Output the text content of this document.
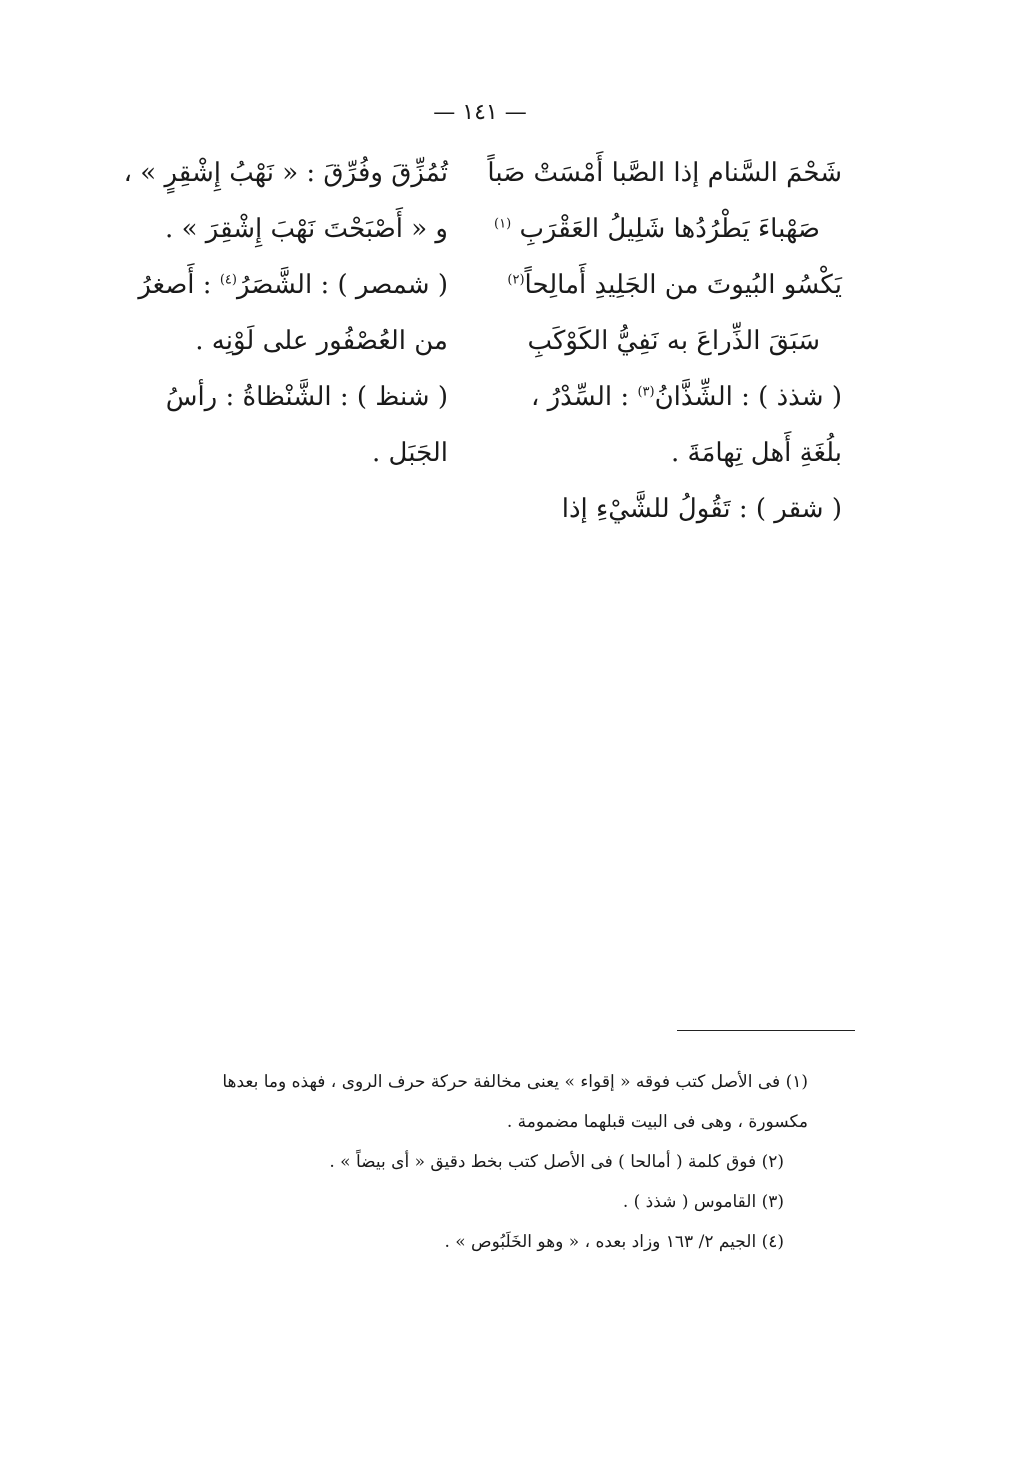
— ١٤١ —
شَحْمَ السَّنام إذا الصَّبا أَمْسَتْ صَباً
صَهْباءَ يَطْرُدُها شَلِيلُ العَقْرَبِ $^{(١)}$
يَكْسُو البُيوتَ من الجَلِيدِ أَمالِحاً$^{(٢)}$
سَبَقَ الذِّراعَ به نَفِيُّ الكَوْكَبِ
( شذذ ) : الشِّذَّانُ$^{(٣)}$ : السِّدْرُ ،
بلُغَةِ أَهل تِهامَةَ .
( شقر ) : تَقُولُ للشَّيْءِ إذا
تُمُزِّقَ وفُرِّقَ : « نَهْبُ إِشْقِرٍ » ،
و « أَصْبَحْتَ نَهْبَ إِشْقِرَ » .
( شمصر ) : الشَّصَرُ$^{(٤)}$ : أَصغرُ
من العُصْفُور على لَوْنِه .
( شنظ ) : الشَّنْظاةُ : رأسُ
الجَبَل .
(١) فى الأصل كتب فوقه « إقواء » يعنى مخالفة حركة حرف الروى ، فهذه وما بعدها
مكسورة ، وهى فى البيت قبلهما مضمومة .
(٢) فوق كلمة ( أمالحا ) فى الأصل كتب بخط دقيق « أى بيضاً » .
(٣) القاموس ( شذذ ) .
(٤) الجيم ٢/ ١٦٣ وزاد بعده ، « وهو الخَلَبُوص » .
